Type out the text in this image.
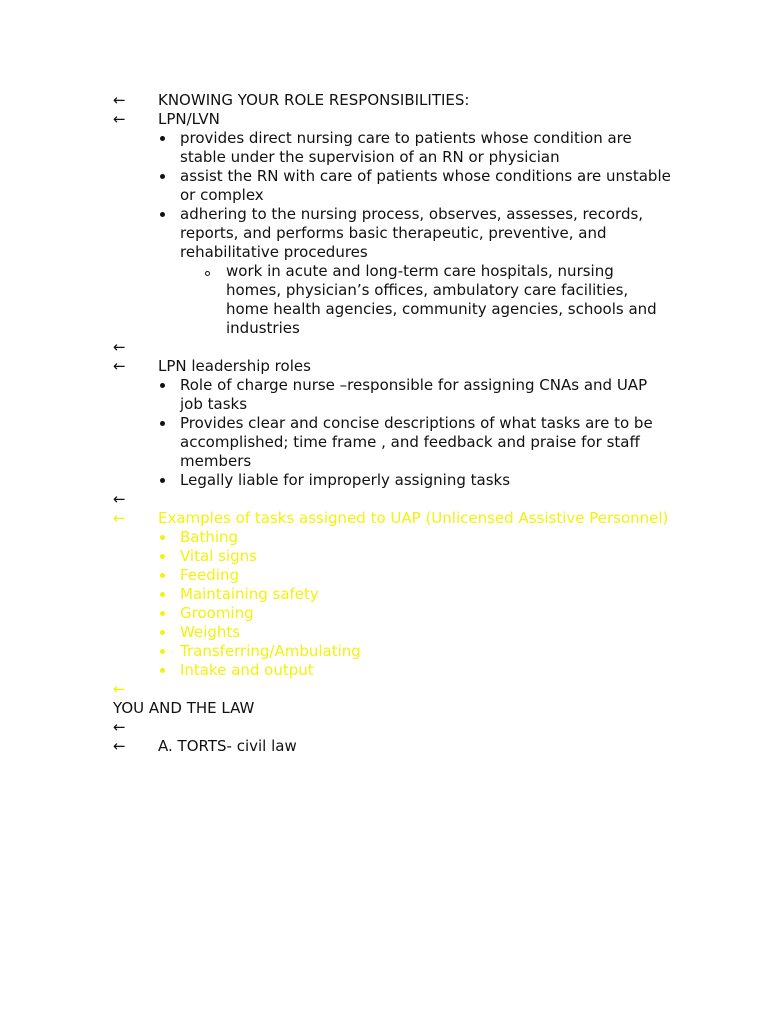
←	KNOWING YOUR ROLE RESPONSIBILITIES:
←	LPN/LVN
provides direct nursing care to patients whose condition are stable under the supervision of an RN or physician
assist the RN with care of patients whose conditions are unstable or complex
adhering to the nursing process, observes, assesses, records, reports, and performs basic therapeutic, preventive, and rehabilitative procedures
work in acute and long-term care hospitals, nursing homes, physician’s offices, ambulatory care facilities, home health agencies, community agencies, schools and industries
←
←	LPN leadership roles
Role of charge nurse –responsible for assigning CNAs and UAP job tasks
Provides clear and concise descriptions of what tasks are to be accomplished; time frame , and feedback and praise for staff members
Legally liable for improperly assigning tasks
←
← Examples of tasks assigned to UAP (Unlicensed Assistive Personnel)
Bathing
Vital signs
Feeding
Maintaining safety
Grooming
Weights
Transferring/Ambulating
Intake and output
←
YOU AND THE LAW
←
←	A. TORTS- civil law
